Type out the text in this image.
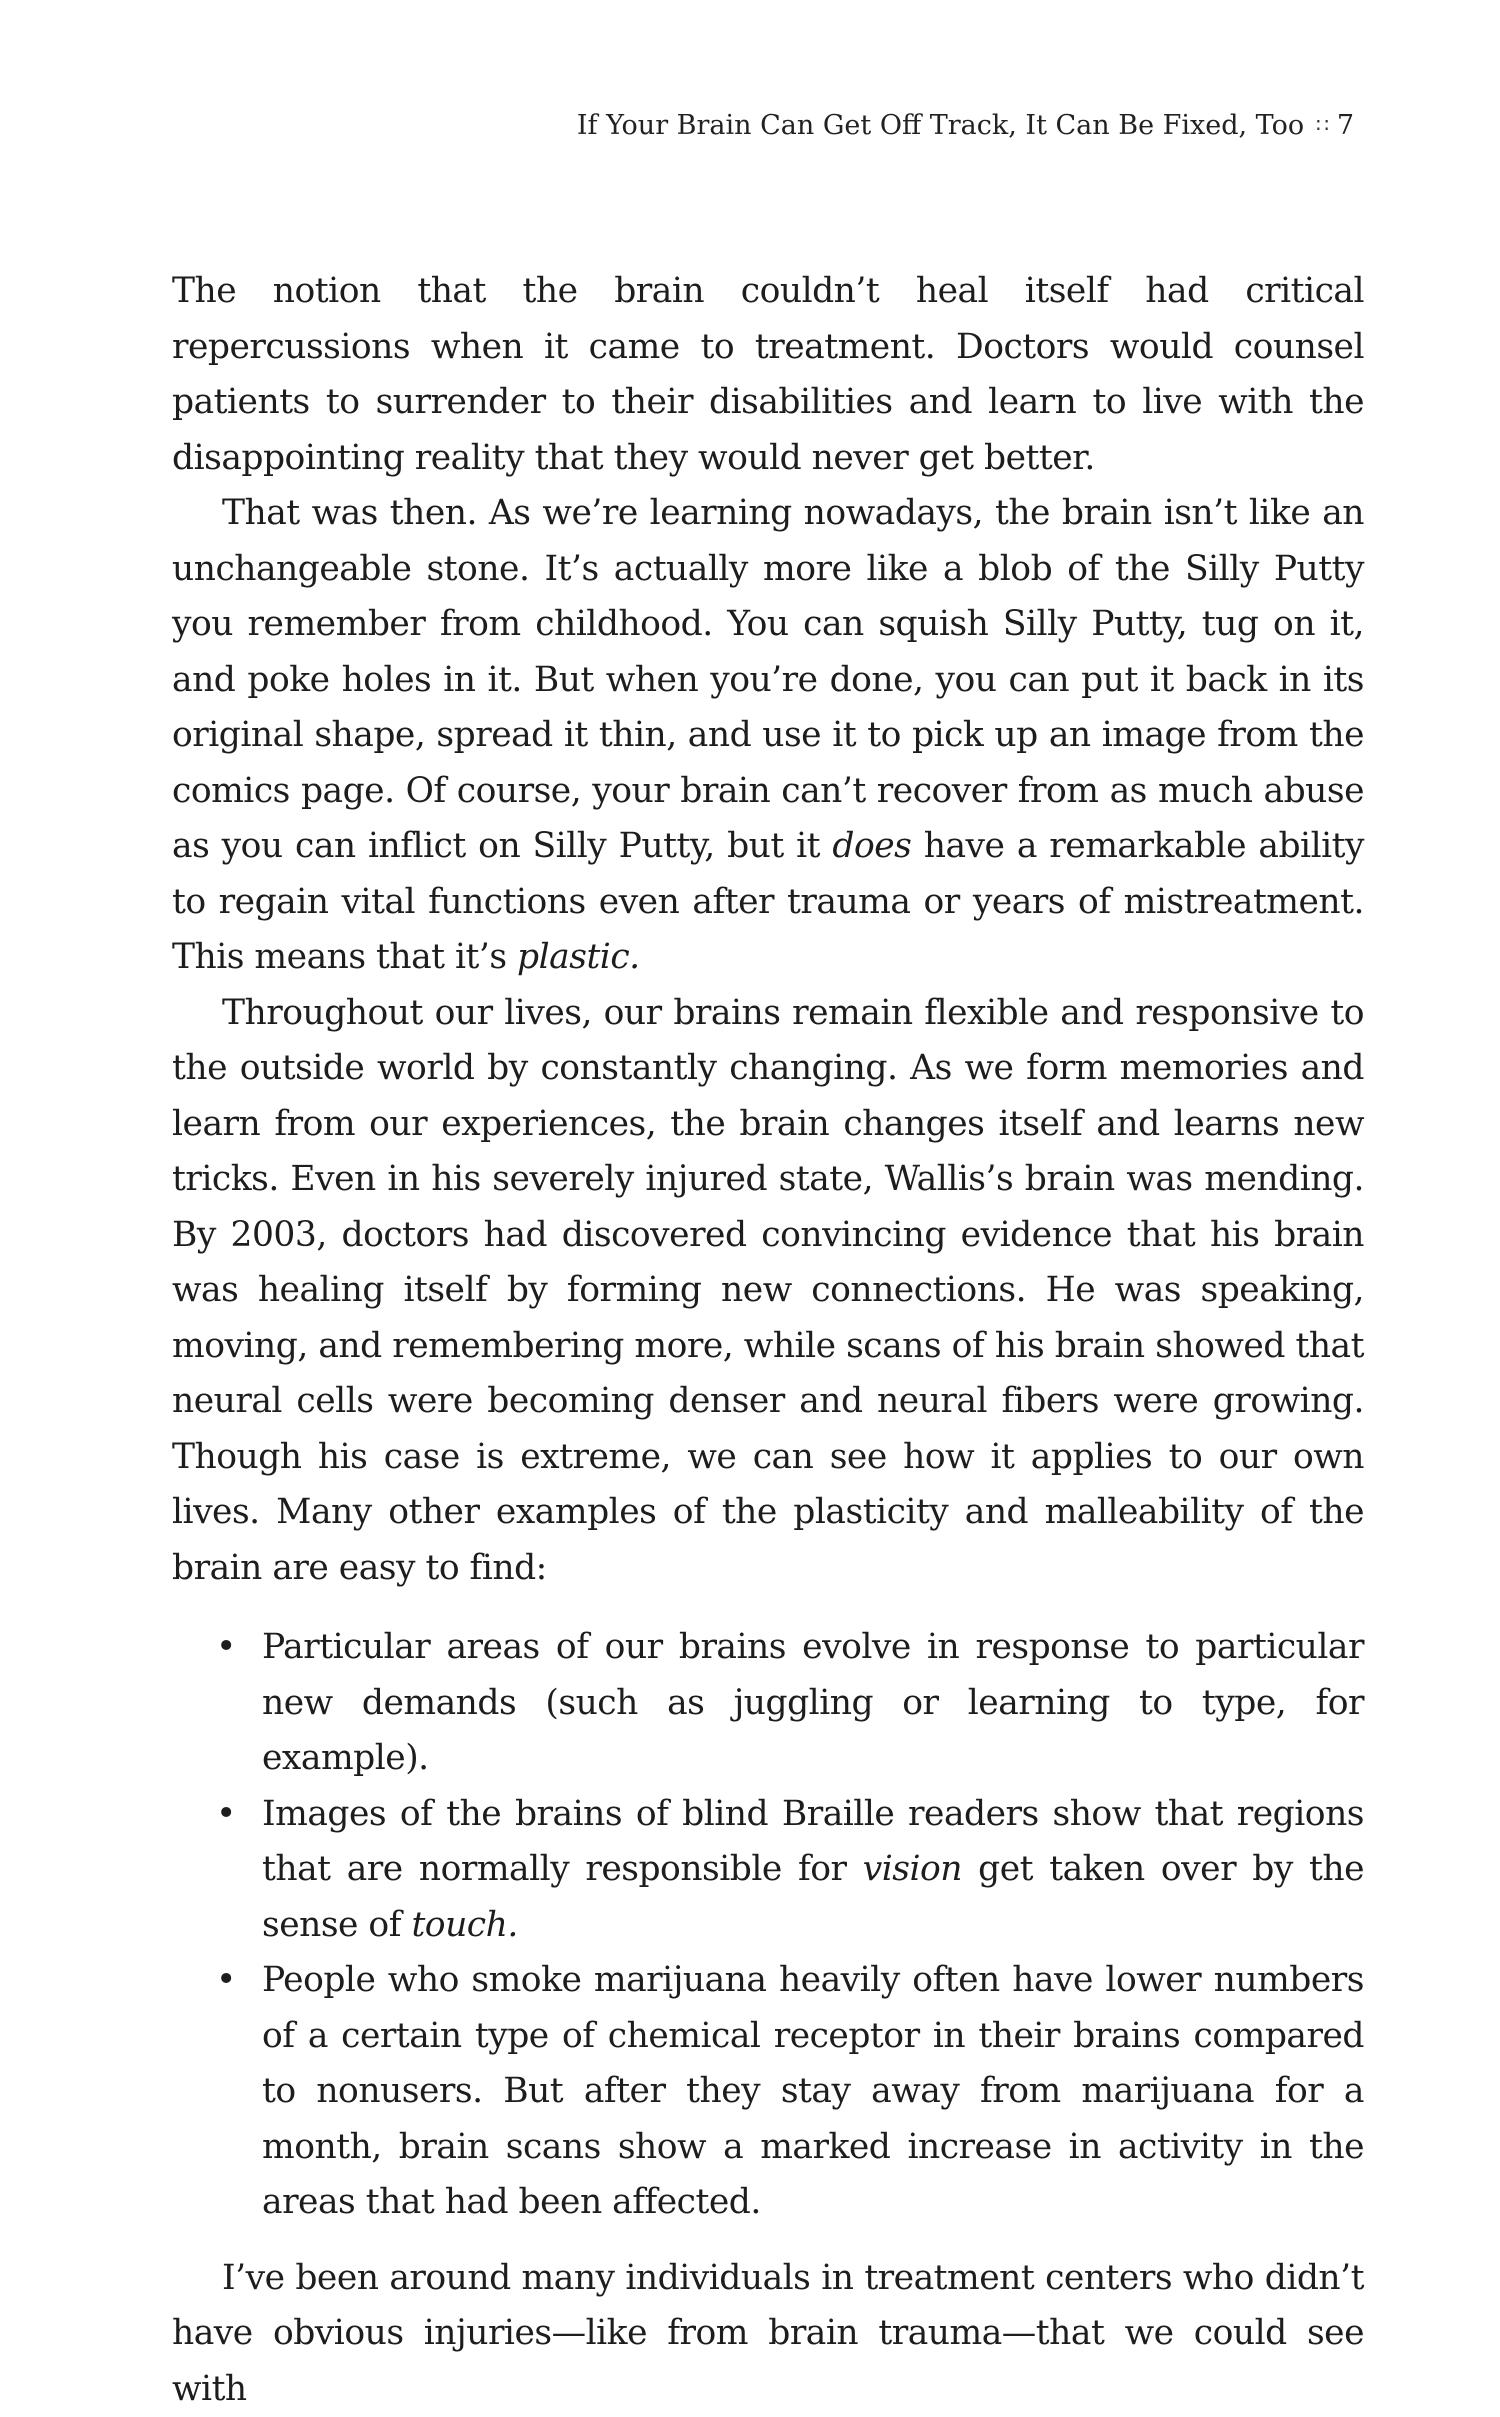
If Your Brain Can Get Off Track, It Can Be Fixed, Too ∷ 7

The notion that the brain couldn’t heal itself had critical repercussions when it came to treatment. Doctors would counsel patients to surrender to their disabilities and learn to live with the disappointing reality that they would never get better.

That was then. As we’re learning nowadays, the brain isn’t like an unchangeable stone. It’s actually more like a blob of the Silly Putty you remember from childhood. You can squish Silly Putty, tug on it, and poke holes in it. But when you’re done, you can put it back in its original shape, spread it thin, and use it to pick up an image from the comics page. Of course, your brain can’t recover from as much abuse as you can inflict on Silly Putty, but it does have a remarkable ability to regain vital functions even after trauma or years of mistreatment. This means that it’s plastic.

Throughout our lives, our brains remain flexible and responsive to the outside world by constantly changing. As we form memories and learn from our experiences, the brain changes itself and learns new tricks. Even in his severely injured state, Wallis’s brain was mending. By 2003, doctors had discovered convincing evidence that his brain was healing itself by forming new connections. He was speaking, moving, and remembering more, while scans of his brain showed that neural cells were becoming denser and neural fibers were growing. Though his case is extreme, we can see how it applies to our own lives. Many other examples of the plasticity and malleability of the brain are easy to find:

• Particular areas of our brains evolve in response to particular new demands (such as juggling or learning to type, for example).
• Images of the brains of blind Braille readers show that regions that are normally responsible for vision get taken over by the sense of touch.
• People who smoke marijuana heavily often have lower numbers of a certain type of chemical receptor in their brains compared to nonusers. But after they stay away from marijuana for a month, brain scans show a marked increase in activity in the areas that had been affected.

I’ve been around many individuals in treatment centers who didn’t have obvious injuries—like from brain trauma—that we could see with
